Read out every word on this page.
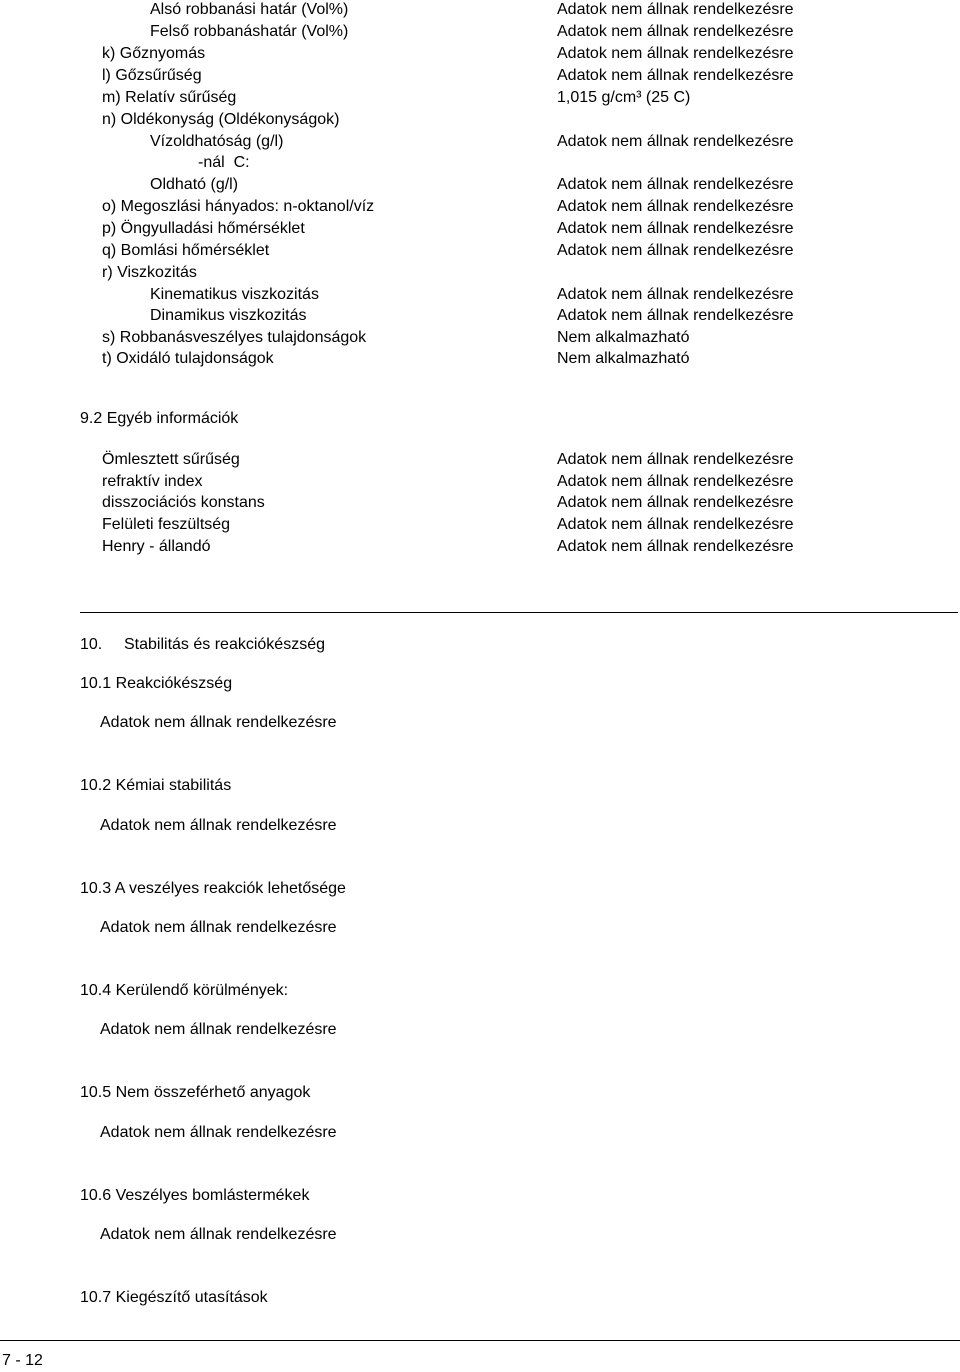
Alsó robbanási határ (Vol%)	Adatok nem állnak rendelkezésre
Felső robbanáshatár (Vol%)	Adatok nem állnak rendelkezésre
k) Gőznyomás	Adatok nem állnak rendelkezésre
l) Gőzsűrűség	Adatok nem állnak rendelkezésre
m) Relatív sűrűség	1,015 g/cm³ (25 C)
n) Oldékonyság (Oldékonyságok)
Vízoldhatóság (g/l)	Adatok nem állnak rendelkezésre
-nál  C:
Oldható (g/l)	Adatok nem állnak rendelkezésre
o) Megoszlási hányados: n-oktanol/víz	Adatok nem állnak rendelkezésre
p) Öngyulladási hőmérséklet	Adatok nem állnak rendelkezésre
q) Bomlási hőmérséklet	Adatok nem állnak rendelkezésre
r) Viszkozitás
Kinematikus viszkozitás	Adatok nem állnak rendelkezésre
Dinamikus viszkozitás	Adatok nem állnak rendelkezésre
s) Robbanásveszélyes tulajdonságok	Nem alkalmazható
t) Oxidáló tulajdonságok	Nem alkalmazható
9.2 Egyéb információk
Ömlesztett sűrűség	Adatok nem állnak rendelkezésre
refraktív index	Adatok nem állnak rendelkezésre
disszociációs konstans	Adatok nem állnak rendelkezésre
Felületi feszültség	Adatok nem állnak rendelkezésre
Henry - állandó	Adatok nem állnak rendelkezésre
10. Stabilitás és reakciókészség
10.1 Reakciókészség
Adatok nem állnak rendelkezésre
10.2 Kémiai stabilitás
Adatok nem állnak rendelkezésre
10.3 A veszélyes reakciók lehetősége
Adatok nem állnak rendelkezésre
10.4 Kerülendő körülmények:
Adatok nem állnak rendelkezésre
10.5 Nem összeférhető anyagok
Adatok nem állnak rendelkezésre
10.6 Veszélyes bomlástermékek
Adatok nem állnak rendelkezésre
10.7 Kiegészítő utasítások
7 - 12
